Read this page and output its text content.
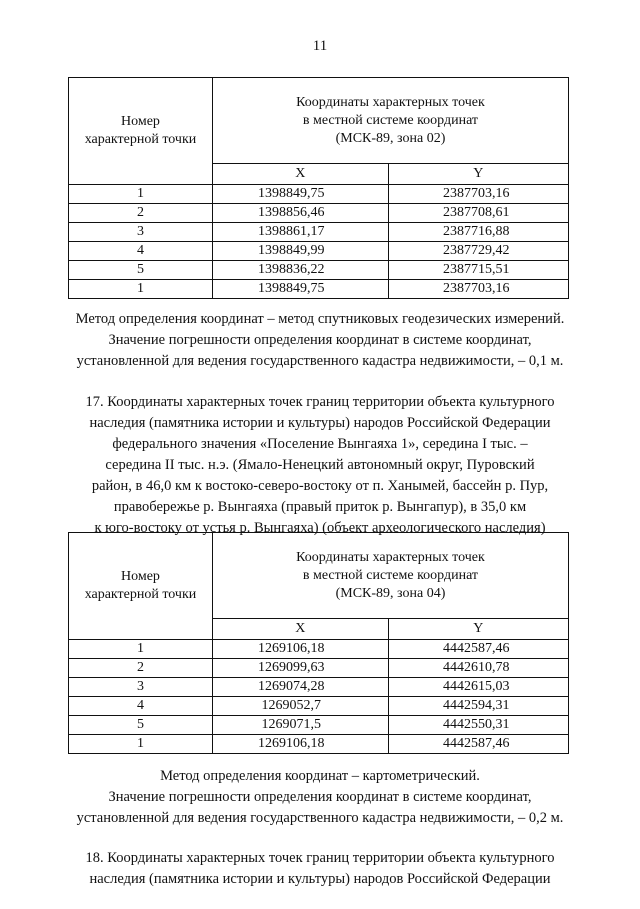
11
Номер
характерной точки	Координаты характерных точек
в местной системе координат
(МСК-89, зона 02)	

	X	Y
1	1398849,75	2387703,16
2	1398856,46	2387708,61
3	1398861,17	2387716,88
4	1398849,99	2387729,42
5	1398836,22	2387715,51
1	1398849,75	2387703,16
Метод определения координат – метод спутниковых геодезических измерений.
Значение погрешности определения координат в системе координат,
установленной для ведения государственного кадастра недвижимости, – 0,1 м.
17. Координаты характерных точек границ территории объекта культурного
наследия (памятника истории и культуры) народов Российской Федерации
федерального значения «Поселение Вынгаяха 1», середина I тыс. –
середина II тыс. н.э. (Ямало-Ненецкий автономный округ, Пуровский
район, в 46,0 км к востоко-северо-востоку от п. Ханымей, бассейн р. Пур,
правобережье р. Вынгаяха (правый приток р. Вынгапур), в 35,0 км
к юго-востоку от устья р. Вынгаяха) (объект археологического наследия)
Номер
характерной точки	Координаты характерных точек
в местной системе координат
(МСК-89, зона 04)	

	X	Y
1	1269106,18	4442587,46
2	1269099,63	4442610,78
3	1269074,28	4442615,03
4	1269052,7	4442594,31
5	1269071,5	4442550,31
1	1269106,18	4442587,46
Метод определения координат – картометрический.
Значение погрешности определения координат в системе координат,
установленной для ведения государственного кадастра недвижимости, – 0,2 м.
18. Координаты характерных точек границ территории объекта культурного
наследия (памятника истории и культуры) народов Российской Федерации
